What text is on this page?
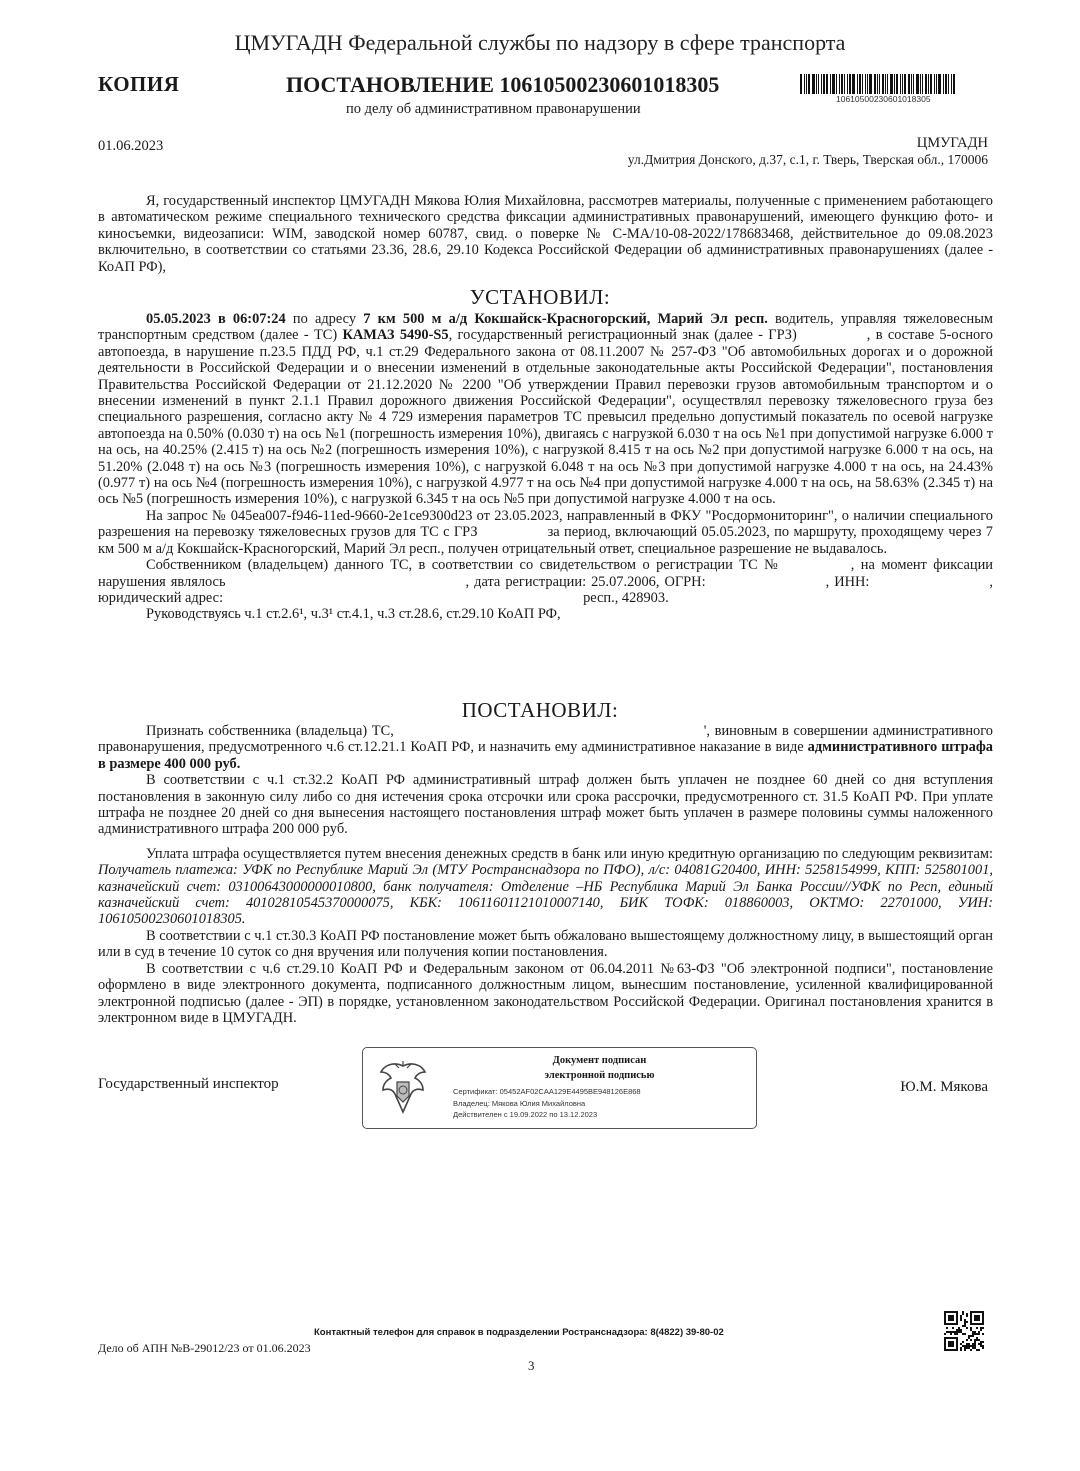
ЦМУГАДН Федеральной службы по надзору в сфере транспорта
КОПИЯ	ПОСТАНОВЛЕНИЕ 10610500230601018305
по делу об административном правонарушении
10610500230601018305
01.06.2023	ЦМУГАДН
ул.Дмитрия Донского, д.37, с.1, г. Тверь, Тверская обл., 170006

Я, государственный инспектор ЦМУГАДН Мякова Юлия Михайловна, рассмотрев материалы, полученные с применением работающего в автоматическом режиме специального технического средства фиксации административных правонарушений, имеющего функцию фото- и киносъемки, видеозаписи: WIM, заводской номер 60787, свид. о поверке № С-МА/10-08-2022/178683468, действительное до 09.08.2023 включительно, в соответствии со статьями 23.36, 28.6, 29.10 Кодекса Российской Федерации об административных правонарушениях (далее - КоАП РФ),

УСТАНОВИЛ:

05.05.2023 в 06:07:24 по адресу 7 км 500 м а/д Кокшайск-Красногорский, Марий Эл респ. водитель, управляя тяжеловесным транспортным средством (далее - ТС) КАМАЗ 5490-S5, государственный регистрационный знак (далее - ГРЗ)	, в составе 5-осного автопоезда, в нарушение п.23.5 ПДД РФ, ч.1 ст.29 Федерального закона от 08.11.2007 № 257-ФЗ "Об автомобильных дорогах и о дорожной деятельности в Российской Федерации и о внесении изменений в отдельные законодательные акты Российской Федерации", постановления Правительства Российской Федерации от 21.12.2020 № 2200 "Об утверждении Правил перевозки грузов автомобильным транспортом и о внесении изменений в пункт 2.1.1 Правил дорожного движения Российской Федерации", осуществлял перевозку тяжеловесного груза без специального разрешения, согласно акту № 4 729 измерения параметров ТС превысил предельно допустимый показатель по осевой нагрузке автопоезда на 0.50% (0.030 т) на ось №1 (погрешность измерения 10%), двигаясь с нагрузкой 6.030 т на ось №1 при допустимой нагрузке 6.000 т на ось, на 40.25% (2.415 т) на ось №2 (погрешность измерения 10%), с нагрузкой 8.415 т на ось №2 при допустимой нагрузке 6.000 т на ось, на 51.20% (2.048 т) на ось №3 (погрешность измерения 10%), с нагрузкой 6.048 т на ось №3 при допустимой нагрузке 4.000 т на ось, на 24.43% (0.977 т) на ось №4 (погрешность измерения 10%), с нагрузкой 4.977 т на ось №4 при допустимой нагрузке 4.000 т на ось, на 58.63% (2.345 т) на ось №5 (погрешность измерения 10%), с нагрузкой 6.345 т на ось №5 при допустимой нагрузке 4.000 т на ось.

На запрос № 045ea007-f946-11ed-9660-2e1ce9300d23 от 23.05.2023, направленный в ФКУ "Росдормониторинг", о наличии специального разрешения на перевозку тяжеловесных грузов для ТС с ГРЗ	за период, включающий 05.05.2023, по маршруту, проходящему через 7 км 500 м а/д Кокшайск-Красногорский, Марий Эл респ., получен отрицательный ответ, специальное разрешение не выдавалось.

Собственником (владельцем) данного ТС, в соответствии со свидетельством о регистрации ТС №	, на момент фиксации нарушения являлось	, дата регистрации: 25.07.2006, ОГРН:	, ИНН:	, юридический адрес:	респ., 428903.

Руководствуясь ч.1 ст.2.6¹, ч.3¹ ст.4.1, ч.3 ст.28.6, ст.29.10 КоАП РФ,

ПОСТАНОВИЛ:

Признать собственника (владельца) ТС,	', виновным в совершении административного правонарушения, предусмотренного ч.6 ст.12.21.1 КоАП РФ, и назначить ему административное наказание в виде административного штрафа в размере 400 000 руб.

В соответствии с ч.1 ст.32.2 КоАП РФ административный штраф должен быть уплачен не позднее 60 дней со дня вступления постановления в законную силу либо со дня истечения срока отсрочки или срока рассрочки, предусмотренного ст. 31.5 КоАП РФ. При уплате штрафа не позднее 20 дней со дня вынесения настоящего постановления штраф может быть уплачен в размере половины суммы наложенного административного штрафа 200 000 руб.

Уплата штрафа осуществляется путем внесения денежных средств в банк или иную кредитную организацию по следующим реквизитам: Получатель платежа: УФК по Республике Марий Эл (МТУ Ространснадзора по ПФО), л/с: 04081G20400, ИНН: 5258154999, КПП: 525801001, казначейский счет: 03100643000000010800, банк получателя: Отделение –НБ Республика Марий Эл Банка России//УФК по Респ, единый казначейский счет: 40102810545370000075, КБК: 10611601121010007140, БИК ТОФК: 018860003, ОКТМО: 22701000, УИН: 10610500230601018305.

В соответствии с ч.1 ст.30.3 КоАП РФ постановление может быть обжаловано вышестоящему должностному лицу, в вышестоящий орган или в суд в течение 10 суток со дня вручения или получения копии постановления.

В соответствии с ч.6 ст.29.10 КоАП РФ и Федеральным законом от 06.04.2011 №63-ФЗ "Об электронной подписи", постановление оформлено в виде электронного документа, подписанного должностным лицом, вынесшим постановление, усиленной квалифицированной электронной подписью (далее - ЭП) в порядке, установленном законодательством Российской Федерации. Оригинал постановления хранится в электронном виде в ЦМУГАДН.

Государственный инспектор
Документ подписан
электронной подписью
Сертификат: 05452AF02CAA129E4495BE948126E868
Владелец: Мякова Юлия Михайловна
Действителен с 19.09.2022 по 13.12.2023
Ю.М. Мякова
Контактный телефон для справок в подразделении Ространснадзора: 8(4822) 39-80-02
Дело об АПН №В-29012/23 от 01.06.2023
3
